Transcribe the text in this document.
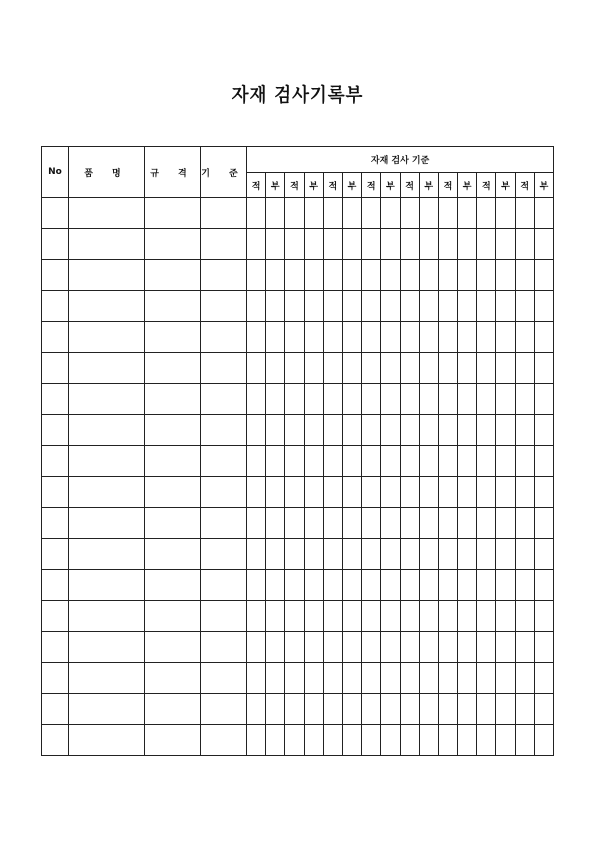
자재 검사기록부
No	품 명	규 격	기 준	자재 검사 기준															
				적	부	적	부	적	부	적	부	적	부	적	부	적	부	적	부
